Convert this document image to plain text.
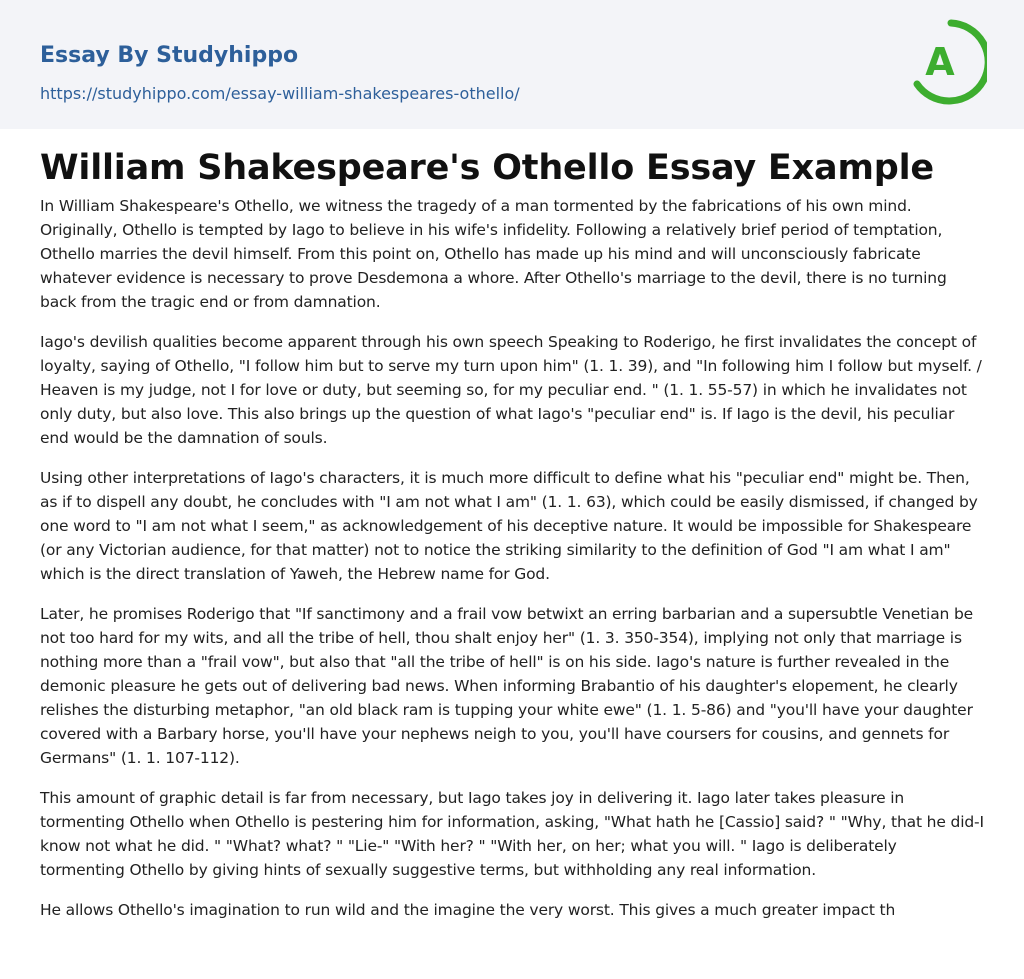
Essay By Studyhippo
https://studyhippo.com/essay-william-shakespeares-othello/
A
William Shakespeare's Othello Essay Example

In William Shakespeare's Othello, we witness the tragedy of a man tormented by the fabrications of his own mind. Originally, Othello is tempted by Iago to believe in his wife's infidelity. Following a relatively brief period of temptation, Othello marries the devil himself. From this point on, Othello has made up his mind and will unconsciously fabricate whatever evidence is necessary to prove Desdemona a whore. After Othello's marriage to the devil, there is no turning back from the tragic end or from damnation.

Iago's devilish qualities become apparent through his own speech Speaking to Roderigo, he first invalidates the concept of loyalty, saying of Othello, "I follow him but to serve my turn upon him" (1. 1. 39), and "In following him I follow but myself. / Heaven is my judge, not I for love or duty, but seeming so, for my peculiar end. " (1. 1. 55-57) in which he invalidates not only duty, but also love. This also brings up the question of what Iago's "peculiar end" is. If Iago is the devil, his peculiar end would be the damnation of souls.

Using other interpretations of Iago's characters, it is much more difficult to define what his "peculiar end" might be. Then, as if to dispell any doubt, he concludes with "I am not what I am" (1. 1. 63), which could be easily dismissed, if changed by one word to "I am not what I seem," as acknowledgement of his deceptive nature. It would be impossible for Shakespeare (or any Victorian audience, for that matter) not to notice the striking similarity to the definition of God "I am what I am" which is the direct translation of Yaweh, the Hebrew name for God.

Later, he promises Roderigo that "If sanctimony and a frail vow betwixt an erring barbarian and a supersubtle Venetian be not too hard for my wits, and all the tribe of hell, thou shalt enjoy her" (1. 3. 350-354), implying not only that marriage is nothing more than a "frail vow", but also that "all the tribe of hell" is on his side. Iago's nature is further revealed in the demonic pleasure he gets out of delivering bad news. When informing Brabantio of his daughter's elopement, he clearly relishes the disturbing metaphor, "an old black ram is tupping your white ewe" (1. 1. 5-86) and "you'll have your daughter covered with a Barbary horse, you'll have your nephews neigh to you, you'll have coursers for cousins, and gennets for Germans" (1. 1. 107-112).

This amount of graphic detail is far from necessary, but Iago takes joy in delivering it. Iago later takes pleasure in tormenting Othello when Othello is pestering him for information, asking, "What hath he [Cassio] said? " "Why, that he did-I know not what he did. " "What? what? " "Lie-" "With her? " "With her, on her; what you will. " Iago is deliberately tormenting Othello by giving hints of sexually suggestive terms, but withholding any real information.

He allows Othello's imagination to run wild and the imagine the very worst. This gives a much greater impact th
